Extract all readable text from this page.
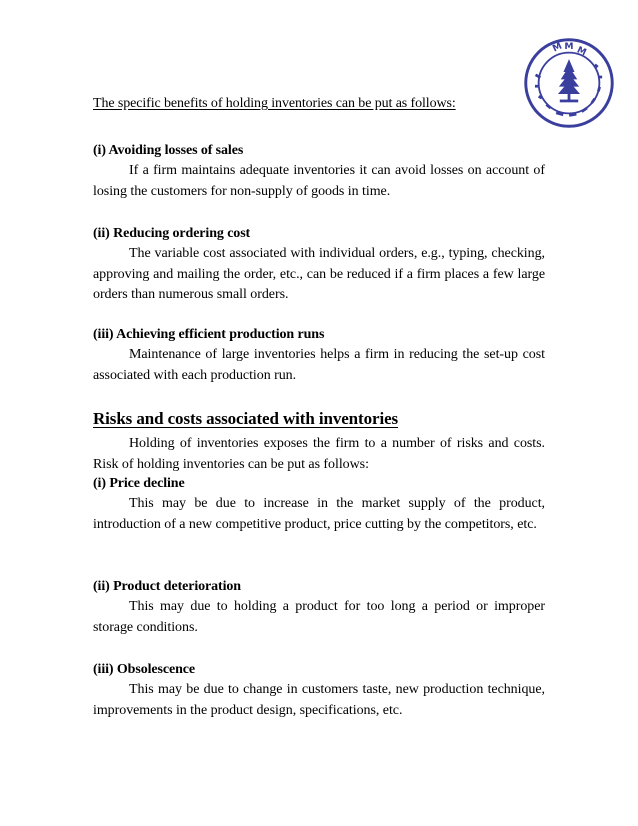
M M M
The specific benefits of holding inventories can be put as follows:
(i) Avoiding losses of sales

If a firm maintains adequate inventories it can avoid losses on account of losing the customers for non-supply of goods in time.

(ii) Reducing ordering cost

The variable cost associated with individual orders, e.g., typing, checking, approving and mailing the order, etc., can be reduced if a firm places a few large orders than numerous small orders.

(iii) Achieving efficient production runs

Maintenance of large inventories helps a firm in reducing the set-up cost associated with each production run.

Risks and costs associated with inventories

Holding of inventories exposes the firm to a number of risks and costs. Risk of holding inventories can be put as follows:

(i) Price decline

This may be due to increase in the market supply of the product, introduction of a new competitive product, price cutting by the competitors, etc.

(ii) Product deterioration

This may due to holding a product for too long a period or improper storage conditions.

(iii) Obsolescence

This may be due to change in customers taste, new production technique, improvements in the product design, specifications, etc.
